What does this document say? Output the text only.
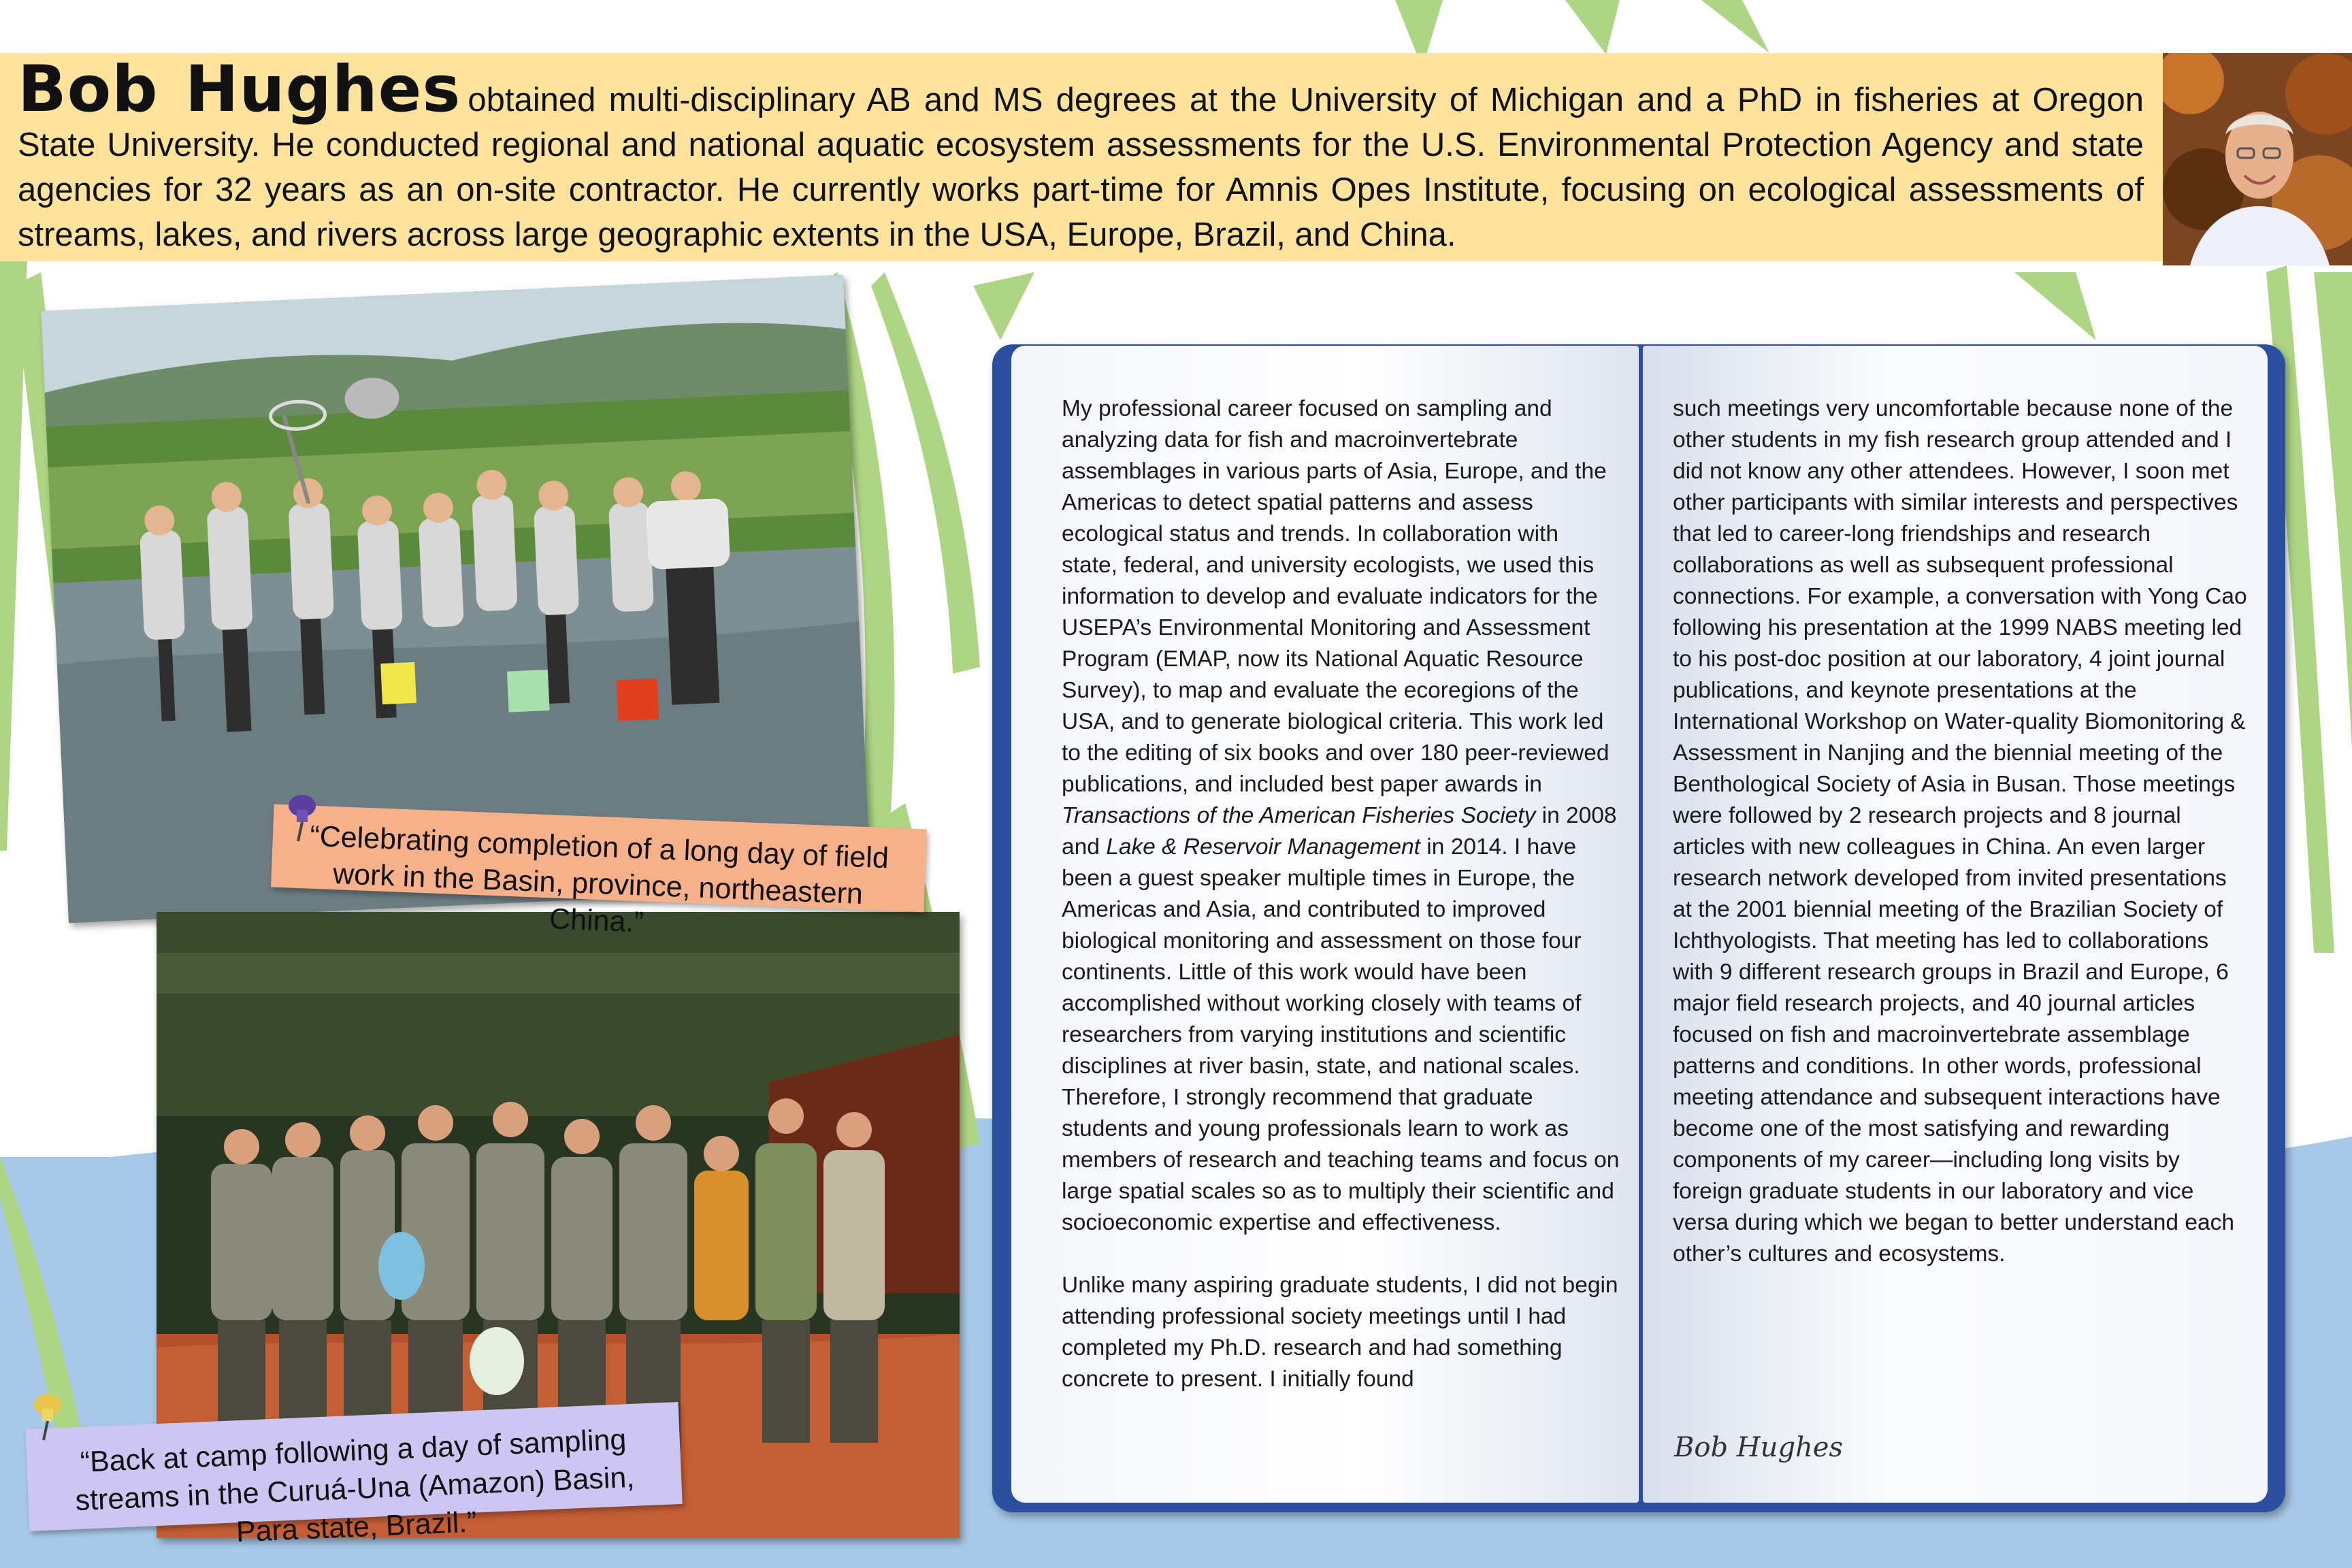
Bob Hughes obtained multi-disciplinary AB and MS degrees at the University of Michigan and a PhD in fisheries at Oregon State University. He conducted regional and national aquatic ecosystem assessments for the U.S. Environmental Protection Agency and state agencies for 32 years as an on-site contractor. He currently works part-time for Amnis Opes Institute, focusing on ecological assessments of streams, lakes, and rivers across large geographic extents in the USA, Europe, Brazil, and China.
“Celebrating completion of a long day of field work in the Basin, province, northeastern China.”
“Back at camp following a day of sampling streams in the Curuá-Una (Amazon) Basin, Para state, Brazil.”

My professional career focused on sampling and analyzing data for fish and macroinvertebrate assemblages in various parts of Asia, Europe, and the Americas to detect spatial patterns and assess ecological status and trends. In collaboration with state, federal, and university ecologists, we used this information to develop and evaluate indicators for the USEPA’s Environmental Monitoring and Assessment Program (EMAP, now its National Aquatic Resource Survey), to map and evaluate the ecoregions of the USA, and to generate biological criteria. This work led to the editing of six books and over 180 peer-reviewed publications, and included best paper awards in Transactions of the American Fisheries Society in 2008 and Lake & Reservoir Management in 2014. I have been a guest speaker multiple times in Europe, the Americas and Asia, and contributed to improved biological monitoring and assessment on those four continents. Little of this work would have been accomplished without working closely with teams of researchers from varying institutions and scientific disciplines at river basin, state, and national scales. Therefore, I strongly recommend that graduate students and young professionals learn to work as members of research and teaching teams and focus on large spatial scales so as to multiply their scientific and socioeconomic expertise and effectiveness.

Unlike many aspiring graduate students, I did not begin attending professional society meetings until I had completed my Ph.D. research and had something concrete to present. I initially found

such meetings very uncomfortable because none of the other students in my fish research group attended and I did not know any other attendees. However, I soon met other participants with similar interests and perspectives that led to career-long friendships and research collaborations as well as subsequent professional connections. For example, a conversation with Yong Cao following his presentation at the 1999 NABS meeting led to his post-doc position at our laboratory, 4 joint journal publications, and keynote presentations at the International Workshop on Water-quality Biomonitoring & Assessment in Nanjing and the biennial meeting of the Benthological Society of Asia in Busan. Those meetings were followed by 2 research projects and 8 journal articles with new colleagues in China. An even larger research network developed from invited presentations at the 2001 biennial meeting of the Brazilian Society of Ichthyologists. That meeting has led to collaborations with 9 different research groups in Brazil and Europe, 6 major field research projects, and 40 journal articles focused on fish and macroinvertebrate assemblage patterns and conditions. In other words, professional meeting attendance and subsequent interactions have become one of the most satisfying and rewarding components of my career—including long visits by foreign graduate students in our laboratory and vice versa during which we began to better understand each other’s cultures and ecosystems.

Bob Hughes
